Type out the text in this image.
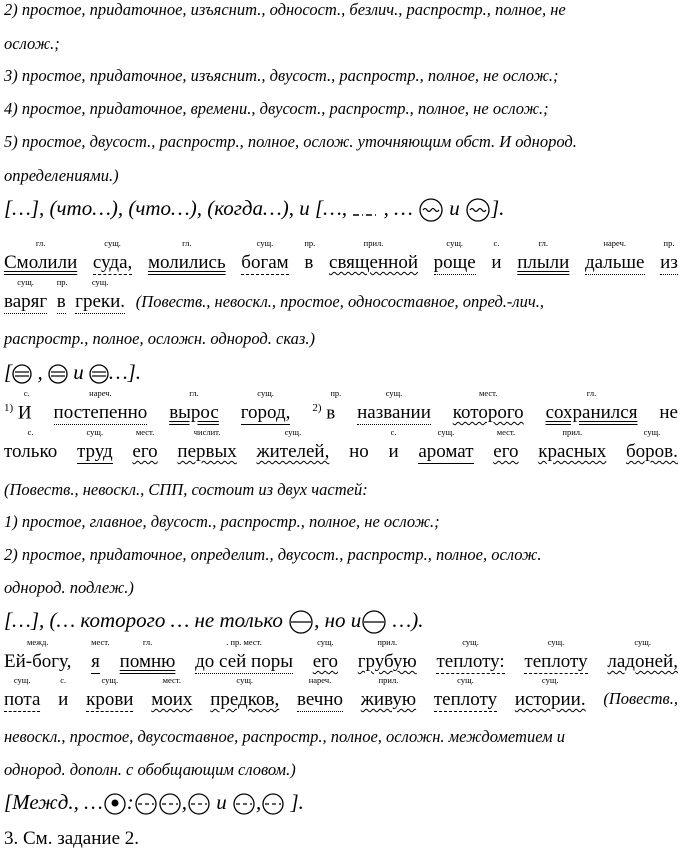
2) простое, придаточное, изъяснит., односост., безлич., распростр., полное, не
ослож.;
3) простое, придаточное, изъяснит., двусост., распростр., полное, не ослож.;
4) простое, придаточное, времени., двусост., распростр., полное, не ослож.;
5) простое, двусост., распростр., полное, ослож. уточняющим обст. И однород.
определениями.)
[…], (что…), (что…), (когда…), и […,  , …  и ].
гл.
Смолили
сущ.
суда,
гл.
молились
сущ.
богам
пр.
в
прил.
священной
сущ.
роще
с.
и
гл.
плыли
нареч.
дальше
пр.
из
сущ.
варяг
пр.
в
сущ.
греки. (Повеств., невоскл., простое, односоставное, опред.-лич.,
распростр., полное, осложн. однород. сказ.)
[ ,  и …].
$^{1)}$
с.
И
нареч.
постепенно
гл.
вырос
сущ.
город, $^{2)}$
пр.
в
сущ.
названии
мест.
которого
гл.
сохранился не
с.
только
сущ.
труд
мест.
его
числит.
первых
сущ.
жителей, но
с.
и
сущ.
аромат
мест.
его
прил.
красных
сущ.
боров.
(Повеств., невоскл., СПП, состоит из двух частей:
1) простое, главное, двусост., распростр., полное, не ослож.;
2) простое, придаточное, определит., двусост., распростр., полное, ослож.
однород. подлеж.)
[…], (… которого … не только , но и …).
межд.
Ей-богу,
мест.
я
гл.
помню
. пр. мест.
до сей поры
сущ.
его
прил.
грубую
сущ.
теплоту:
сущ.
теплоту
сущ.
ладоней,
сущ.
пота
с.
и
сущ.
крови
мест.
моих
сущ.
предков,
нареч.
вечно
прил.
живую
сущ.
теплоту
сущ.
истории. (Повеств.,
невоскл., простое, двусоставное, распростр., полное, осложн. междометием и
однород. дополн. с обобщающим словом.)
[Межд., … : , и , ].
3. См. задание 2.
